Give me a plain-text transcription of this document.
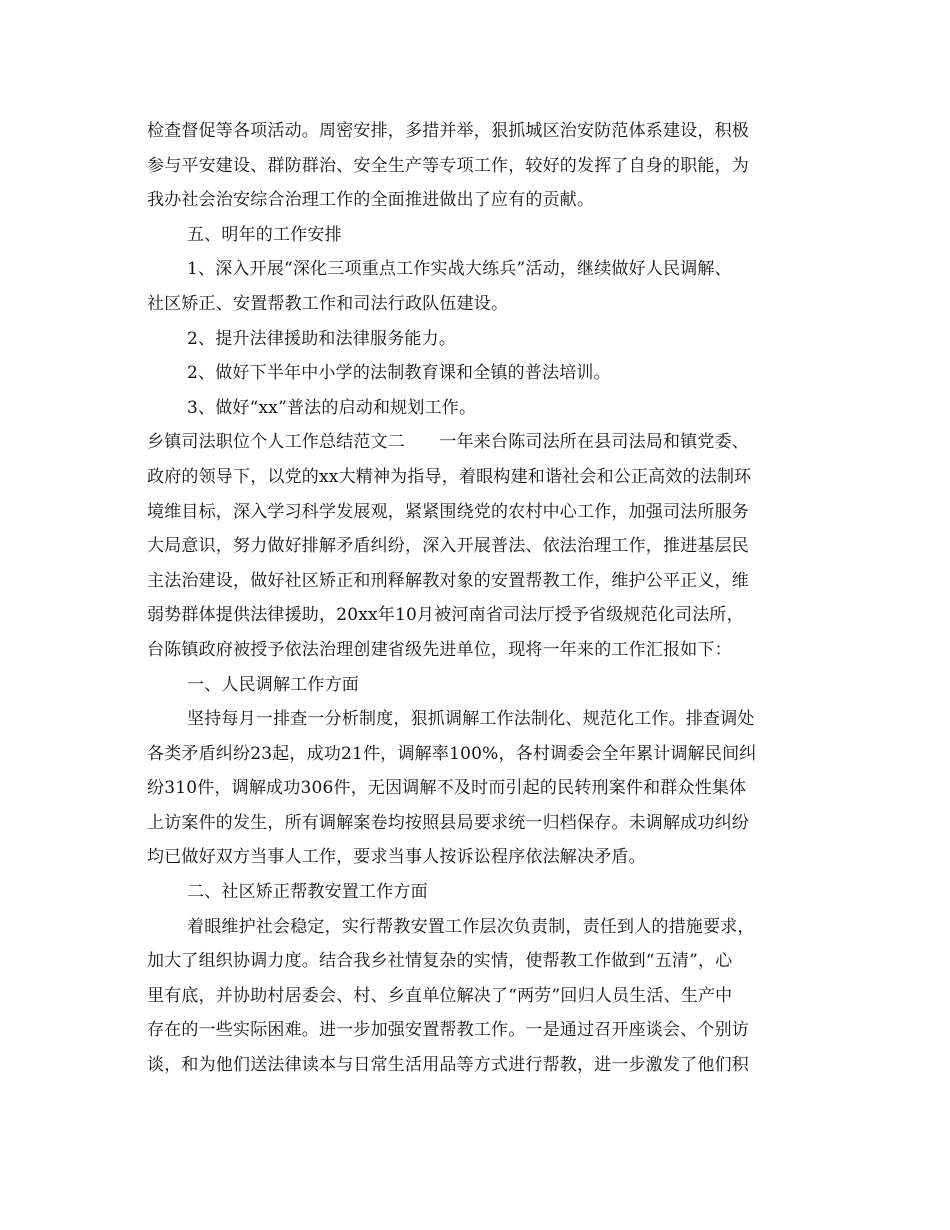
检查督促等各项活动。周密安排，多措并举，狠抓城区治安防范体系建设，积极
参与平安建设、群防群治、安全生产等专项工作，较好的发挥了自身的职能，为
我办社会治安综合治理工作的全面推进做出了应有的贡献。
五、明年的工作安排
1、深入开展“深化三项重点工作实战大练兵”活动，继续做好人民调解、
社区矫正、安置帮教工作和司法行政队伍建设。
2、提升法律援助和法律服务能力。
2、做好下半年中小学的法制教育课和全镇的普法培训。
3、做好“xx”普法的启动和规划工作。
乡镇司法职位个人工作总结范文二　　一年来台陈司法所在县司法局和镇党委、
政府的领导下，以党的xx大精神为指导，着眼构建和谐社会和公正高效的法制环
境维目标，深入学习科学发展观，紧紧围绕党的农村中心工作，加强司法所服务
大局意识，努力做好排解矛盾纠纷，深入开展普法、依法治理工作，推进基层民
主法治建设，做好社区矫正和刑释解教对象的安置帮教工作，维护公平正义，维
弱势群体提供法律援助，20xx年10月被河南省司法厅授予省级规范化司法所，
台陈镇政府被授予依法治理创建省级先进单位，现将一年来的工作汇报如下：
一、人民调解工作方面
坚持每月一排查一分析制度，狠抓调解工作法制化、规范化工作。排查调处
各类矛盾纠纷23起，成功21件，调解率100%，各村调委会全年累计调解民间纠
纷310件，调解成功306件，无因调解不及时而引起的民转刑案件和群众性集体
上访案件的发生，所有调解案卷均按照县局要求统一归档保存。未调解成功纠纷
均已做好双方当事人工作，要求当事人按诉讼程序依法解决矛盾。
二、社区矫正帮教安置工作方面
着眼维护社会稳定，实行帮教安置工作层次负责制，责任到人的措施要求，
加大了组织协调力度。结合我乡社情复杂的实情，使帮教工作做到“五清”，心
里有底，并协助村居委会、村、乡直单位解决了“两劳”回归人员生活、生产中
存在的一些实际困难。进一步加强安置帮教工作。一是通过召开座谈会、个别访
谈，和为他们送法律读本与日常生活用品等方式进行帮教，进一步激发了他们积
